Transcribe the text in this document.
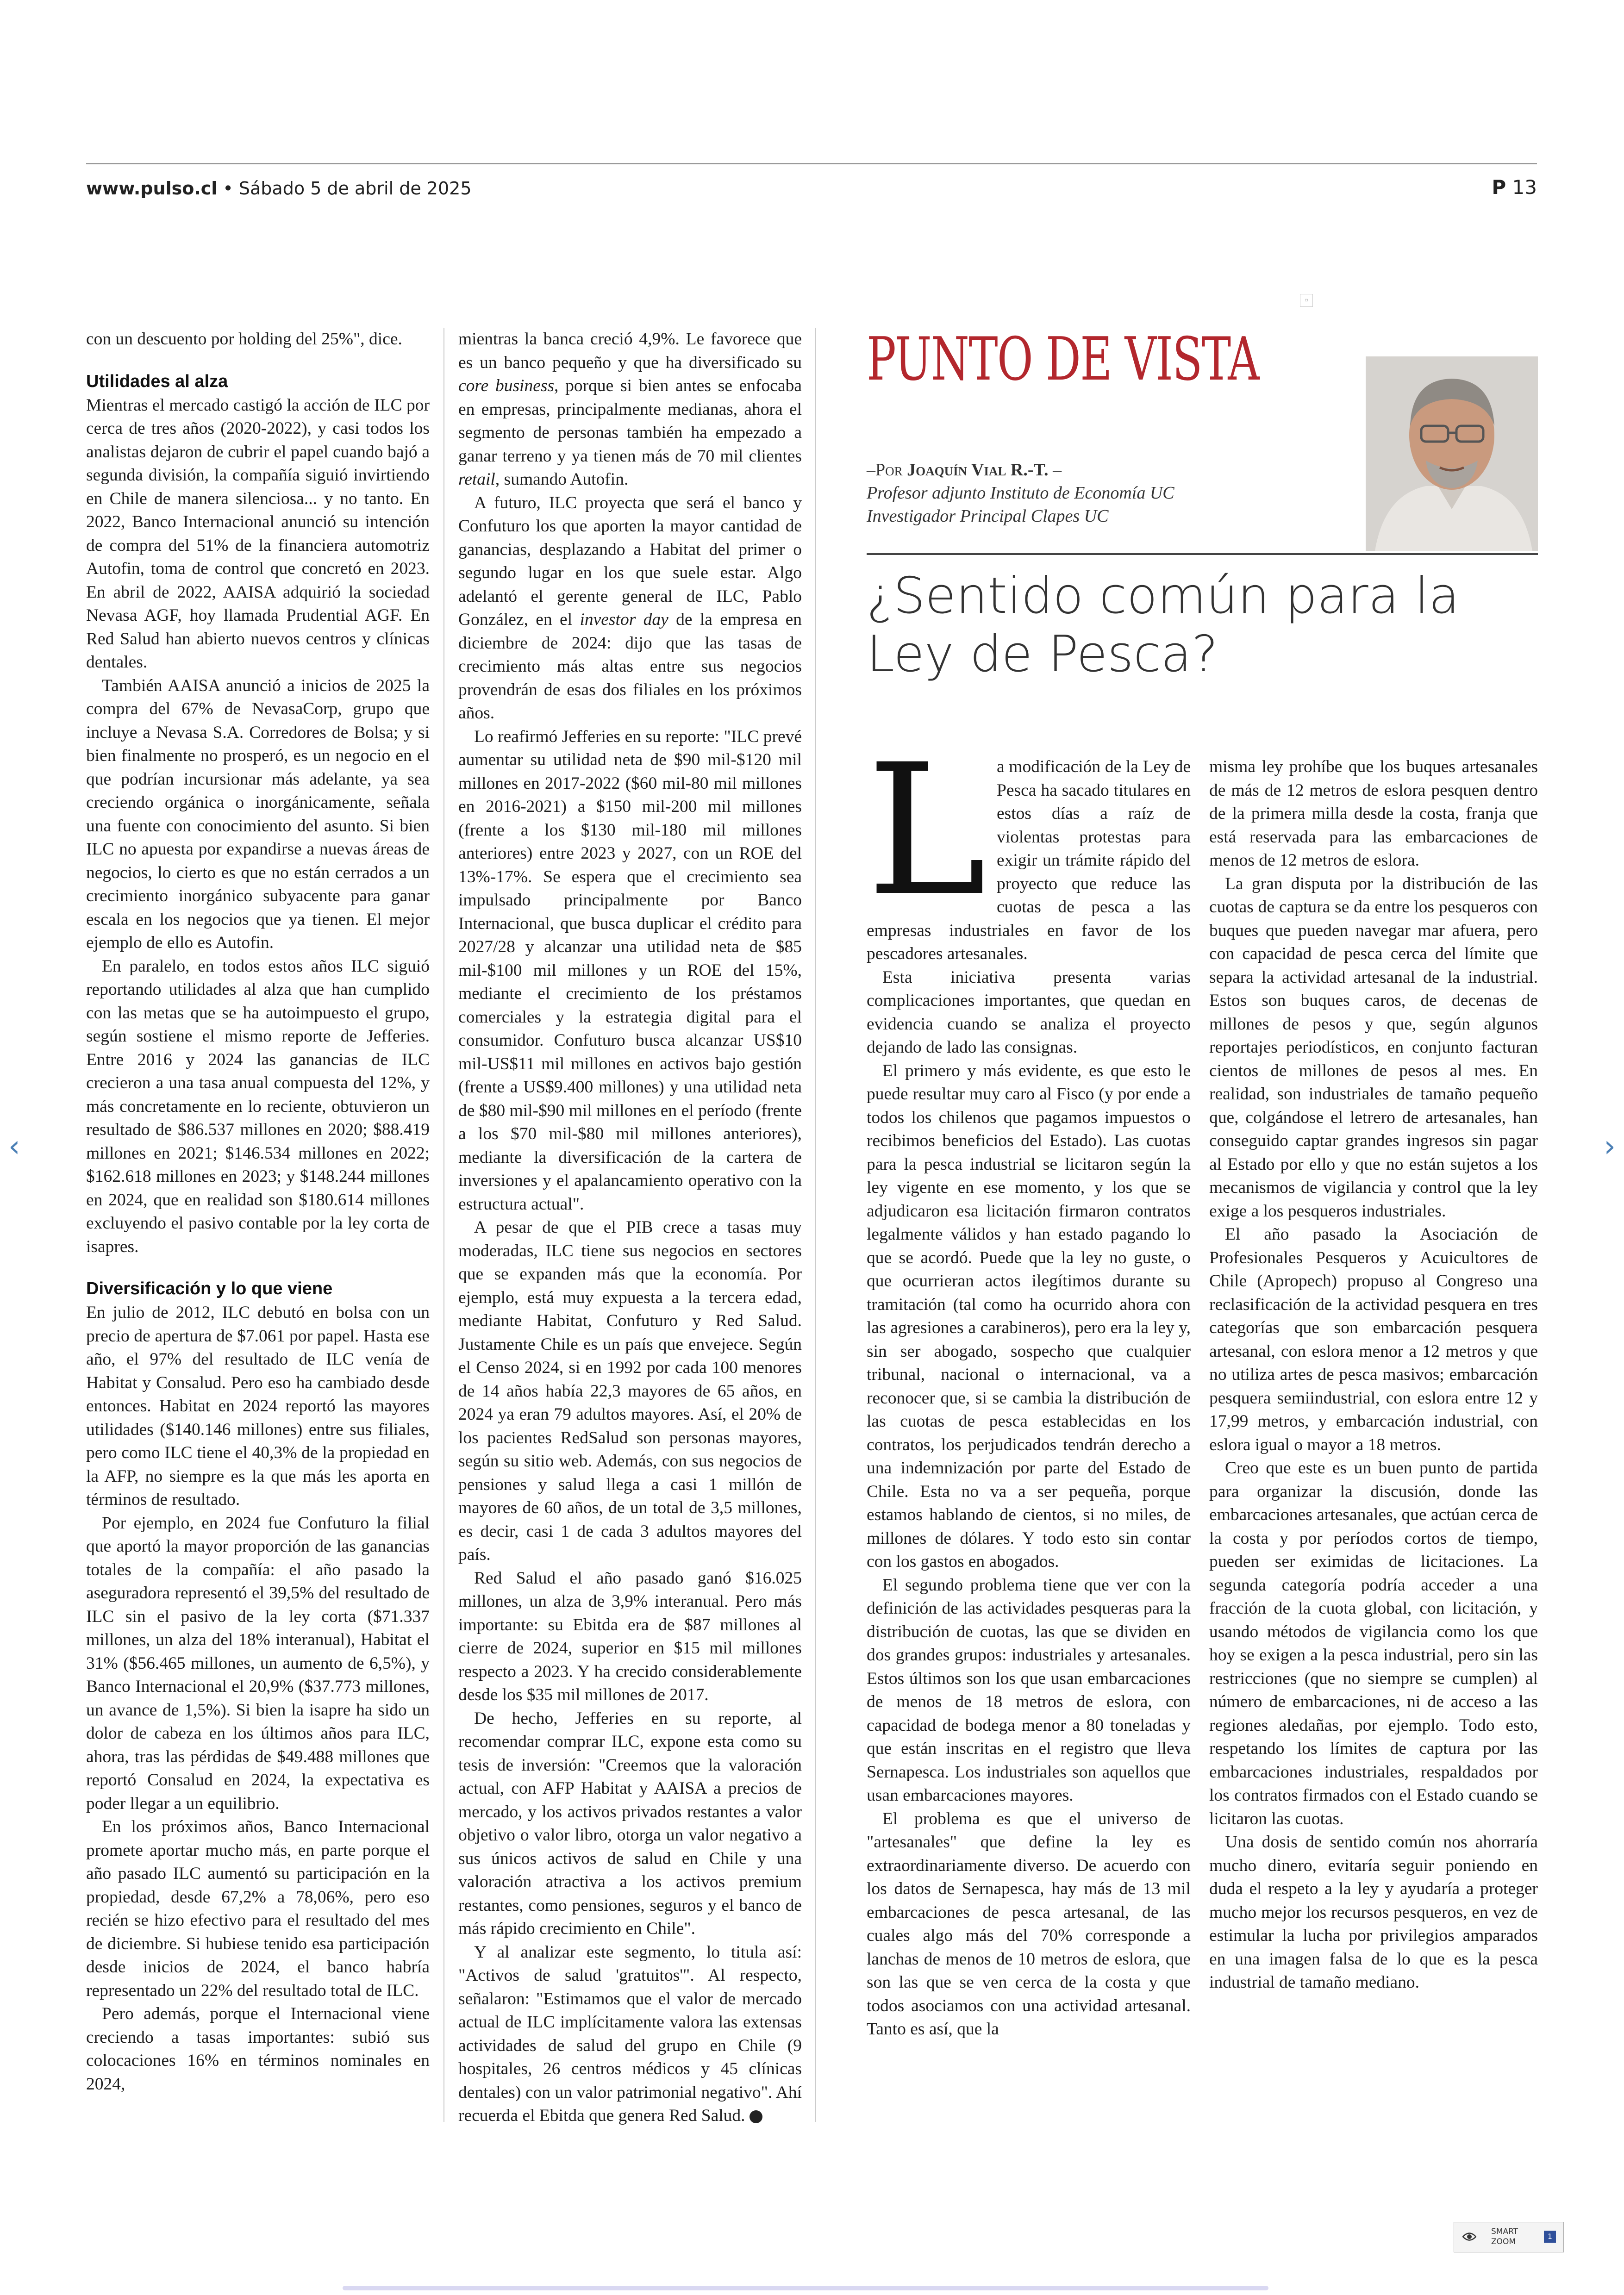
www.pulso.cl • Sábado 5 de abril de 2025	P 13

con un descuento por holding del 25%", dice.

Utilidades al alza

Mientras el mercado castigó la acción de ILC por cerca de tres años (2020-2022), y casi todos los analistas dejaron de cubrir el papel cuando bajó a segunda división, la compañía siguió invirtiendo en Chile de manera silenciosa... y no tanto. En 2022, Banco Internacional anunció su intención de compra del 51% de la financiera automotriz Autofin, toma de control que concretó en 2023. En abril de 2022, AAISA adquirió la sociedad Nevasa AGF, hoy llamada Prudential AGF. En Red Salud han abierto nuevos centros y clínicas dentales.

También AAISA anunció a inicios de 2025 la compra del 67% de NevasaCorp, grupo que incluye a Nevasa S.A. Corredores de Bolsa; y si bien finalmente no prosperó, es un negocio en el que podrían incursionar más adelante, ya sea creciendo orgánica o inorgánicamente, señala una fuente con conocimiento del asunto. Si bien ILC no apuesta por expandirse a nuevas áreas de negocios, lo cierto es que no están cerrados a un crecimiento inorgánico subyacente para ganar escala en los negocios que ya tienen. El mejor ejemplo de ello es Autofin.

En paralelo, en todos estos años ILC siguió reportando utilidades al alza que han cumplido con las metas que se ha autoimpuesto el grupo, según sostiene el mismo reporte de Jefferies. Entre 2016 y 2024 las ganancias de ILC crecieron a una tasa anual compuesta del 12%, y más concretamente en lo reciente, obtuvieron un resultado de $86.537 millones en 2020; $88.419 millones en 2021; $146.534 millones en 2022; $162.618 millones en 2023; y $148.244 millones en 2024, que en realidad son $180.614 millones excluyendo el pasivo contable por la ley corta de isapres.

Diversificación y lo que viene

En julio de 2012, ILC debutó en bolsa con un precio de apertura de $7.061 por papel. Hasta ese año, el 97% del resultado de ILC venía de Habitat y Consalud. Pero eso ha cambiado desde entonces. Habitat en 2024 reportó las mayores utilidades ($140.146 millones) entre sus filiales, pero como ILC tiene el 40,3% de la propiedad en la AFP, no siempre es la que más les aporta en términos de resultado.

Por ejemplo, en 2024 fue Confuturo la filial que aportó la mayor proporción de las ganancias totales de la compañía: el año pasado la aseguradora representó el 39,5% del resultado de ILC sin el pasivo de la ley corta ($71.337 millones, un alza del 18% interanual), Habitat el 31% ($56.465 millones, un aumento de 6,5%), y Banco Internacional el 20,9% ($37.773 millones, un avance de 1,5%). Si bien la isapre ha sido un dolor de cabeza en los últimos años para ILC, ahora, tras las pérdidas de $49.488 millones que reportó Consalud en 2024, la expectativa es poder llegar a un equilibrio.

En los próximos años, Banco Internacional promete aportar mucho más, en parte porque el año pasado ILC aumentó su participación en la propiedad, desde 67,2% a 78,06%, pero eso recién se hizo efectivo para el resultado del mes de diciembre. Si hubiese tenido esa participación desde inicios de 2024, el banco habría representado un 22% del resultado total de ILC.

Pero además, porque el Internacional viene creciendo a tasas importantes: subió sus colocaciones 16% en términos nominales en 2024,

mientras la banca creció 4,9%. Le favorece que es un banco pequeño y que ha diversificado su core business, porque si bien antes se enfocaba en empresas, principalmente medianas, ahora el segmento de personas también ha empezado a ganar terreno y ya tienen más de 70 mil clientes retail, sumando Autofin.

A futuro, ILC proyecta que será el banco y Confuturo los que aporten la mayor cantidad de ganancias, desplazando a Habitat del primer o segundo lugar en los que suele estar. Algo adelantó el gerente general de ILC, Pablo González, en el investor day de la empresa en diciembre de 2024: dijo que las tasas de crecimiento más altas entre sus negocios provendrán de esas dos filiales en los próximos años.

Lo reafirmó Jefferies en su reporte: "ILC prevé aumentar su utilidad neta de $90 mil-$120 mil millones en 2017-2022 ($60 mil-80 mil millones en 2016-2021) a $150 mil-200 mil millones (frente a los $130 mil-180 mil millones anteriores) entre 2023 y 2027, con un ROE del 13%-17%. Se espera que el crecimiento sea impulsado principalmente por Banco Internacional, que busca duplicar el crédito para 2027/28 y alcanzar una utilidad neta de $85 mil-$100 mil millones y un ROE del 15%, mediante el crecimiento de los préstamos comerciales y la estrategia digital para el consumidor. Confuturo busca alcanzar US$10 mil-US$11 mil millones en activos bajo gestión (frente a US$9.400 millones) y una utilidad neta de $80 mil-$90 mil millones en el período (frente a los $70 mil-$80 mil millones anteriores), mediante la diversificación de la cartera de inversiones y el apalancamiento operativo con la estructura actual".

A pesar de que el PIB crece a tasas muy moderadas, ILC tiene sus negocios en sectores que se expanden más que la economía. Por ejemplo, está muy expuesta a la tercera edad, mediante Habitat, Confuturo y Red Salud. Justamente Chile es un país que envejece. Según el Censo 2024, si en 1992 por cada 100 menores de 14 años había 22,3 mayores de 65 años, en 2024 ya eran 79 adultos mayores. Así, el 20% de los pacientes RedSalud son personas mayores, según su sitio web. Además, con sus negocios de pensiones y salud llega a casi 1 millón de mayores de 60 años, de un total de 3,5 millones, es decir, casi 1 de cada 3 adultos mayores del país.

Red Salud el año pasado ganó $16.025 millones, un alza de 3,9% interanual. Pero más importante: su Ebitda era de $87 millones al cierre de 2024, superior en $15 mil millones respecto a 2023. Y ha crecido considerablemente desde los $35 mil millones de 2017.

De hecho, Jefferies en su reporte, al recomendar comprar ILC, expone esta como su tesis de inversión: "Creemos que la valoración actual, con AFP Habitat y AAISA a precios de mercado, y los activos privados restantes a valor objetivo o valor libro, otorga un valor negativo a sus únicos activos de salud en Chile y una valoración atractiva a los activos premium restantes, como pensiones, seguros y el banco de más rápido crecimiento en Chile".

Y al analizar este segmento, lo titula así: "Activos de salud 'gratuitos'". Al respecto, señalaron: "Estimamos que el valor de mercado actual de ILC implícitamente valora las extensas actividades de salud del grupo en Chile (9 hospitales, 26 centros médicos y 45 clínicas dentales) con un valor patrimonial negativo". Ahí recuerda el Ebitda que genera Red Salud. P

▫
PUNTO DE VISTA
–Por Joaquín Vial R.-T. –
Profesor adjunto Instituto de Economía UC
Investigador Principal Clapes UC
¿Sentido común para la
Ley de Pesca?

La modificación de la Ley de Pesca ha sacado titulares en estos días a raíz de violentas protestas para exigir un trámite rápido del proyecto que reduce las cuotas de pesca a las empresas industriales en favor de los pescadores artesanales.

Esta iniciativa presenta varias complicaciones importantes, que quedan en evidencia cuando se analiza el proyecto dejando de lado las consignas.

El primero y más evidente, es que esto le puede resultar muy caro al Fisco (y por ende a todos los chilenos que pagamos impuestos o recibimos beneficios del Estado). Las cuotas para la pesca industrial se licitaron según la ley vigente en ese momento, y los que se adjudicaron esa licitación firmaron contratos legalmente válidos y han estado pagando lo que se acordó. Puede que la ley no guste, o que ocurrieran actos ilegítimos durante su tramitación (tal como ha ocurrido ahora con las agresiones a carabineros), pero era la ley y, sin ser abogado, sospecho que cualquier tribunal, nacional o internacional, va a reconocer que, si se cambia la distribución de las cuotas de pesca establecidas en los contratos, los perjudicados tendrán derecho a una indemnización por parte del Estado de Chile. Esta no va a ser pequeña, porque estamos hablando de cientos, si no miles, de millones de dólares. Y todo esto sin contar con los gastos en abogados.

El segundo problema tiene que ver con la definición de las actividades pesqueras para la distribución de cuotas, las que se dividen en dos grandes grupos: industriales y artesanales. Estos últimos son los que usan embarcaciones de menos de 18 metros de eslora, con capacidad de bodega menor a 80 toneladas y que están inscritas en el registro que lleva Sernapesca. Los industriales son aquellos que usan embarcaciones mayores.

El problema es que el universo de "artesanales" que define la ley es extraordinariamente diverso. De acuerdo con los datos de Sernapesca, hay más de 13 mil embarcaciones de pesca artesanal, de las cuales algo más del 70% corresponde a lanchas de menos de 10 metros de eslora, que son las que se ven cerca de la costa y que todos asociamos con una actividad artesanal. Tanto es así, que la

misma ley prohíbe que los buques artesanales de más de 12 metros de eslora pesquen dentro de la primera milla desde la costa, franja que está reservada para las embarcaciones de menos de 12 metros de eslora.

La gran disputa por la distribución de las cuotas de captura se da entre los pesqueros con buques que pueden navegar mar afuera, pero con capacidad de pesca cerca del límite que separa la actividad artesanal de la industrial. Estos son buques caros, de decenas de millones de pesos y que, según algunos reportajes periodísticos, en conjunto facturan cientos de millones de pesos al mes. En realidad, son industriales de tamaño pequeño que, colgándose el letrero de artesanales, han conseguido captar grandes ingresos sin pagar al Estado por ello y que no están sujetos a los mecanismos de vigilancia y control que la ley exige a los pesqueros industriales.

El año pasado la Asociación de Profesionales Pesqueros y Acuicultores de Chile (Apropech) propuso al Congreso una reclasificación de la actividad pesquera en tres categorías que son embarcación pesquera artesanal, con eslora menor a 12 metros y que no utiliza artes de pesca masivos; embarcación pesquera semiindustrial, con eslora entre 12 y 17,99 metros, y embarcación industrial, con eslora igual o mayor a 18 metros.

Creo que este es un buen punto de partida para organizar la discusión, donde las embarcaciones artesanales, que actúan cerca de la costa y por períodos cortos de tiempo, pueden ser eximidas de licitaciones. La segunda categoría podría acceder a una fracción de la cuota global, con licitación, y usando métodos de vigilancia como los que hoy se exigen a la pesca industrial, pero sin las restricciones (que no siempre se cumplen) al número de embarcaciones, ni de acceso a las regiones aledañas, por ejemplo. Todo esto, respetando los límites de captura por las embarcaciones industriales, respaldados por los contratos firmados con el Estado cuando se licitaron las cuotas.

Una dosis de sentido común nos ahorraría mucho dinero, evitaría seguir poniendo en duda el respeto a la ley y ayudaría a proteger mucho mejor los recursos pesqueros, en vez de estimular la lucha por privilegios amparados en una imagen falsa de lo que es la pesca industrial de tamaño mediano.

‹	›
SMART
ZOOM
1
